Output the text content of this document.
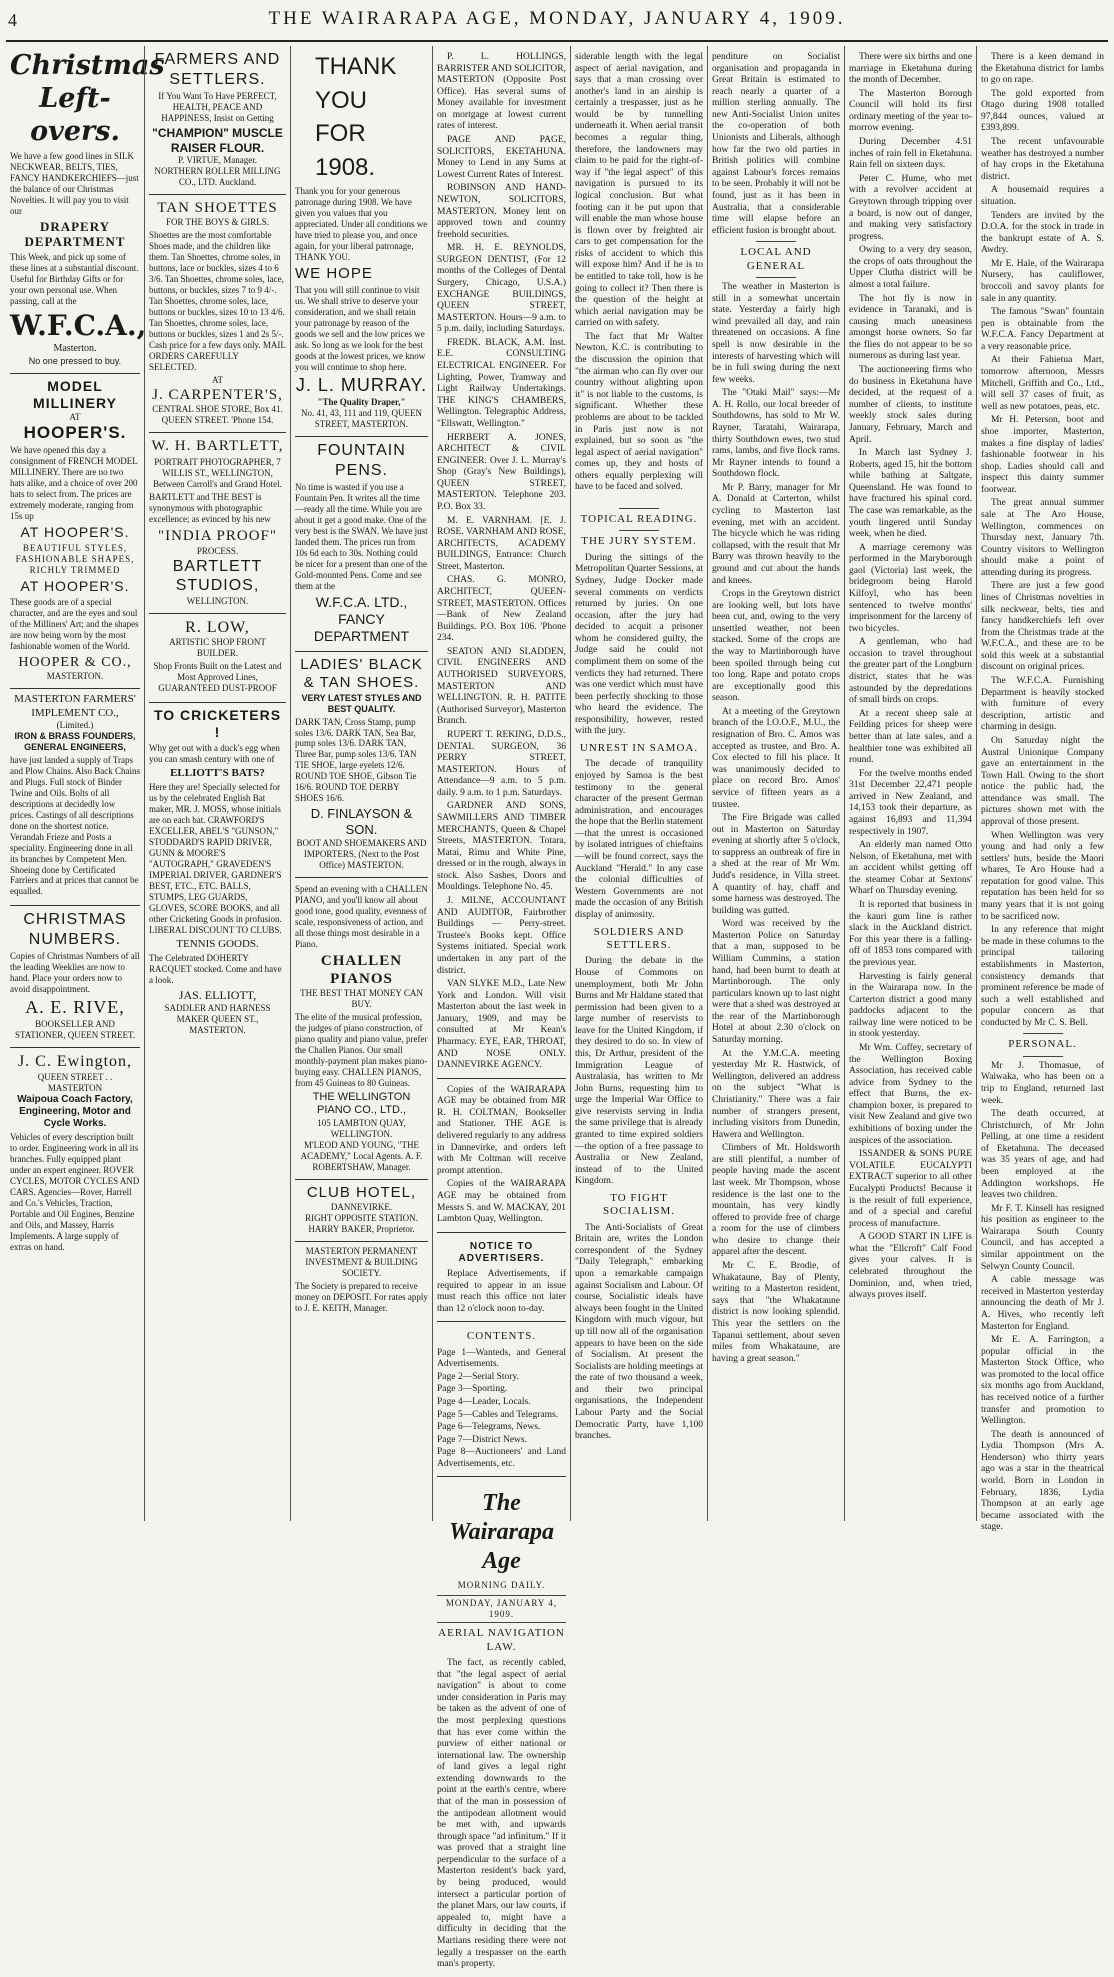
4	THE WAIRARAPA AGE, MONDAY, JANUARY 4, 1909.
Christmas Left-overs.

We have a few good lines in SILK NECKWEAR, BELTS, TIES, FANCY HANDKERCHIEFS—just the balance of our Christmas Novelties. It will pay you to visit our

DRAPERY DEPARTMENT

This Week, and pick up some of these lines at a substantial discount. Useful for Birthday Gifts or for your own personal use. When passing, call at the

W.F.C.A., Masterton.
No one pressed to buy.
MODEL MILLINERY
AT
HOOPER'S.

We have opened this day a consignment of FRENCH MODEL MILLINERY. There are no two hats alike, and a choice of over 200 hats to select from. The prices are extremely moderate, ranging from 15s up

AT HOOPER'S.

BEAUTIFUL STYLES, FASHIONABLE SHAPES, RICHLY TRIMMED

AT HOOPER'S.

These goods are of a special character, and are the eyes and soul of the Milliners' Art; and the shapes are now being worn by the most fashionable women of the World.

HOOPER & CO.,
MASTERTON.
MASTERTON FARMERS' IMPLEMENT CO.,
(Limited.)
IRON & BRASS FOUNDERS, GENERAL ENGINEERS,

have just landed a supply of Traps and Plow Chains. Also Back Chains and Plugs. Full stock of Binder Twine and Oils. Bolts of all descriptions at decidedly low prices. Castings of all descriptions done on the shortest notice. Verandah Frieze and Posts a speciality. Engineering done in all its branches by Competent Men. Shoeing done by Certificated Farriers and at prices that cannot be equalled.

CHRISTMAS NUMBERS.

Copies of Christmas Numbers of all the leading Weeklies are now to hand. Place your orders now to avoid disappointment.

A. E. RIVE,
BOOKSELLER AND STATIONER, QUEEN STREET.
J. C. Ewington,
QUEEN STREET . . MASTERTON
Waipoua Coach Factory, Engineering, Motor and Cycle Works.

Vehicles of every description built to order. Engineering work in all its branches. Fully equipped plant under an expert engineer. ROVER CYCLES, MOTOR CYCLES AND CARS. Agencies—Rover, Harrell and Co.'s Vehicles, Traction, Portable and Oil Engines, Benzine and Oils, and Massey, Harris Implements. A large supply of extras on hand.

FARMERS AND SETTLERS.

If You Want To Have PERFECT, HEALTH, PEACE AND HAPPINESS, Insist on Getting

"CHAMPION" MUSCLE RAISER FLOUR.
P. VIRTUE, Manager.
NORTHERN ROLLER MILLING CO., LTD. Auckland.
TAN SHOETTES
FOR THE BOYS & GIRLS.

Shoettes are the most comfortable Shoes made, and the children like them. Tan Shoettes, chrome soles, in buttons, lace or buckles, sizes 4 to 6 3/6. Tan Shoettes, chrome soles, lace, buttons, or buckles, sizes 7 to 9 4/-. Tan Shoettes, chrome soles, lace, buttons or buckles, sizes 10 to 13 4/6. Tan Shoettes, chrome soles, lace, buttons or buckles, sizes 1 and 2s 5/-. Cash price for a few days only. MAIL ORDERS CAREFULLY SELECTED.

AT
J. CARPENTER'S,
CENTRAL SHOE STORE, Box 41. QUEEN STREET. 'Phone 154.
W. H. BARTLETT,

PORTRAIT PHOTOGRAPHER, 7 WILLIS ST., WELLINGTON, Between Carroll's and Grand Hotel.

BARTLETT and THE BEST is synonymous with photographic excellence; as evinced by his new

"INDIA PROOF"
PROCESS.
BARTLETT STUDIOS,
WELLINGTON.
R. LOW,
ARTISTIC SHOP FRONT BUILDER.

Shop Fronts Built on the Latest and Most Approved Lines, GUARANTEED DUST-PROOF

TO CRICKETERS !

Why get out with a duck's egg when you can smash century with one of

ELLIOTT'S BATS?

Here they are! Specially selected for us by the celebrated English Bat maker, MR. J. MOSS, whose initials are on each bat. CRAWFORD'S EXCELLER, ABEL'S "GUNSON," STODDARD'S RAPID DRIVER, GUNN & MOORE'S "AUTOGRAPH," GRAVEDEN'S IMPERIAL DRIVER, GARDNER'S BEST, ETC., ETC. BALLS, STUMPS, LEG GUARDS, GLOVES, SCORE BOOKS, and all other Cricketing Goods in profusion. LIBERAL DISCOUNT TO CLUBS.

TENNIS GOODS.

The Celebrated DOHERTY RACQUET stocked. Come and have a look.

JAS. ELLIOTT,
SADDLER AND HARNESS MAKER QUEEN ST., MASTERTON.
THANK
YOU
FOR
1908.

Thank you for your generous patronage during 1908. We have given you values that you appreciated. Under all conditions we have tried to please you, and once again, for your liberal patronage, THANK YOU.

WE HOPE

That you will still continue to visit us. We shall strive to deserve your consideration, and we shall retain your patronage by reason of the goods we sell and the low prices we ask. So long as we look for the best goods at the lowest prices, we know you will continue to shop here.

J. L. MURRAY.
"The Quality Draper,"
No. 41, 43, 111 and 119, QUEEN STREET, MASTERTON.
FOUNTAIN PENS.

No time is wasted if you use a Fountain Pen. It writes all the time—ready all the time. While you are about it get a good make. One of the very best is the SWAN. We have just landed them. The prices run from 10s 6d each to 30s. Nothing could be nicer for a present than one of the Gold-mounted Pens. Come and see them at the

W.F.C.A. LTD., FANCY DEPARTMENT
LADIES' BLACK & TAN SHOES.
VERY LATEST STYLES AND BEST QUALITY.

DARK TAN, Cross Stamp, pump soles 13/6. DARK TAN, Sea Bar, pump soles 13/6. DARK TAN, Three Bar, pump soles 13/6. TAN TIE SHOE, large eyelets 12/6. ROUND TOE SHOE, Gibson Tie 16/6. ROUND TOE DERBY SHOES 16/6.

D. FINLAYSON & SON.
BOOT AND SHOEMAKERS AND IMPORTERS, (Next to the Post Office) MASTERTON.

Spend an evening with a CHALLEN PIANO, and you'll know all about good tone, good quality, evenness of scale, responsiveness of action, and all those things most desirable in a Piano.

CHALLEN PIANOS
THE BEST THAT MONEY CAN BUY.

The elite of the musical profession, the judges of piano construction, of piano quality and piano value, prefer the Challen Pianos. Our small monthly-payment plan makes piano-buying easy. CHALLEN PIANOS, from 45 Guineas to 80 Guineas.

THE WELLINGTON PIANO CO., LTD.,
105 LAMBTON QUAY, WELLINGTON.
M'LEOD AND YOUNG, "THE ACADEMY," Local Agents. A. F. ROBERTSHAW, Manager.
CLUB HOTEL,
DANNEVIRKE.
RIGHT OPPOSITE STATION. HARRY BAKER, Proprietor.
MASTERTON PERMANENT INVESTMENT & BUILDING SOCIETY.

The Society is prepared to receive money on DEPOSIT. For rates apply to J. E. KEITH, Manager.

P. L. HOLLINGS, BARRISTER AND SOLICITOR, MASTERTON (Opposite Post Office). Has several sums of Money available for investment on mortgage at lowest current rates of interest.

PAGE AND PAGE, SOLICITORS, EKETAHUNA. Money to Lend in any Sums at Lowest Current Rates of Interest.

ROBINSON AND HAND-NEWTON, SOLICITORS, MASTERTON. Money lent on approved town and country freehold securities.

MR. H. E. REYNOLDS, SURGEON DENTIST, (For 12 months of the Colleges of Dental Surgery, Chicago, U.S.A.) EXCHANGE BUILDINGS, QUEEN STREET, MASTERTON. Hours—9 a.m. to 5 p.m. daily, including Saturdays.

FREDK. BLACK, A.M. Inst. E.E. CONSULTING ELECTRICAL ENGINEER. For Lighting, Power, Tramway and Light Railway Undertakings. THE KING'S CHAMBERS, Wellington. Telegraphic Address, "Ellswatt, Wellington."

HERBERT A. JONES, ARCHITECT & CIVIL ENGINEER. Over J. L. Murray's Shop (Gray's New Buildings), QUEEN STREET, MASTERTON. Telephone 203. P.O. Box 33.

M. E. VARNHAM. [E. J. ROSE. VARNHAM AND ROSE, ARCHITECTS, ACADEMY BUILDINGS, Entrance: Church Street, Masterton.

CHAS. G. MONRO, ARCHITECT, QUEEN-STREET, MASTERTON. Offices—Bank of New Zealand Buildings. P.O. Box 106. 'Phone 234.

SEATON AND SLADDEN, CIVIL ENGINEERS AND AUTHORISED SURVEYORS, MASTERTON AND WELLINGTON. R. H. PATITE (Authorised Surveyor), Masterton Branch.

RUPERT T. REKING, D.D.S., DENTAL SURGEON, 36 PERRY STREET, MASTERTON. Hours of Attendance—9 a.m. to 5 p.m. daily. 9 a.m. to 1 p.m. Saturdays.

GARDNER AND SONS, SAWMILLERS AND TIMBER MERCHANTS, Queen & Chapel Streets, MASTERTON. Totara, Matai, Rimu and White Pine, dressed or in the rough, always in stock. Also Sashes, Doors and Mouldings. Telephone No. 45.

J. MILNE, ACCOUNTANT AND AUDITOR, Fairbrother Buildings — Perry-street. Trustee's Books kept. Office Systems initiated. Special work undertaken in any part of the district.

VAN SLYKE M.D., Late New York and London. Will visit Masterton about the last week in January, 1909, and may be consulted at Mr Kean's Pharmacy. EYE, EAR, THROAT, AND NOSE ONLY. DANNEVIRKE AGENCY.

Copies of the WAIRARAPA AGE may be obtained from MR R. H. COLTMAN, Bookseller and Stationer. THE AGE is delivered regularly to any address in Dannevirke, and orders left with Mr Coltman will receive prompt attention.

Copies of the WAIRARAPA AGE may be obtained from Messrs S. and W. MACKAY, 201 Lambton Quay, Wellington.

NOTICE TO ADVERTISERS.

Replace Advertisements, if required to appear in an issue must reach this office not later than 12 o'clock noon to-day.

CONTENTS.

Page 1—Wanteds, and General Advertisements.

Page 2—Serial Story.

Page 3—Sporting.

Page 4—Leader, Locals.

Page 5—Cables and Telegrams.

Page 6—Telegrams, News.

Page 7—District News.

Page 8—Auctioneers' and Land Advertisements, etc.

The Wairarapa Age
MORNING DAILY.
MONDAY, JANUARY 4, 1909.
AERIAL NAVIGATION LAW.

The fact, as recently cabled, that "the legal aspect of aerial navigation" is about to come under consideration in Paris may be taken as the advent of one of the most perplexing questions that has ever come within the purview of either national or international law. The ownership of land gives a legal right extending downwards to the point at the earth's centre, where that of the man in possession of the antipodean allotment would be met with, and upwards through space "ad infinitum." If it was proved that a straight line perpendicular to the surface of a Masterton resident's back yard, by being produced, would intersect a particular portion of the planet Mars, our law courts, if appealed to, might have a difficulty in deciding that the Martians residing there were not legally a trespasser on the earth man's property.

siderable length with the legal aspect of aerial navigation, and says that a man crossing over another's land in an airship is certainly a trespasser, just as he would be by tunnelling underneath it. When aerial transit becomes a regular thing, therefore, the landowners may claim to be paid for the right-of-way if "the legal aspect" of this navigation is pursued to its logical conclusion. But what footing can it be put upon that will enable the man whose house is flown over by freighted air cars to get compensation for the risks of accident to which this will expose him? And if he is to be entitled to take toll, how is he going to collect it? Then there is the question of the height at which aerial navigation may be carried on with safety.

The fact that Mr Walter Newton, K.C. is contributing to the discussion the opinion that "the airman who can fly over our country without alighting upon it" is not liable to the customs, is significant. Whether these problems are about to be tackled in Paris just now is not explained, but so soon as "the legal aspect of aerial navigation" comes up, they and hosts of others equally perplexing will have to be faced and solved.

TOPICAL READING.
THE JURY SYSTEM.

During the sittings of the Metropolitan Quarter Sessions, at Sydney, Judge Docker made several comments on verdicts returned by juries. On one occasion, after the jury had decided to acquit a prisoner whom he considered guilty, the Judge said he could not compliment them on some of the verdicts they had returned. There was one verdict which must have been perfectly shocking to those who heard the evidence. The responsibility, however, rested with the jury.

UNREST IN SAMOA.

The decade of tranquility enjoyed by Samoa is the best testimony to the general character of the present German administration, and encourages the hope that the Berlin statement—that the unrest is occasioned by isolated intrigues of chieftains—will be found correct, says the Auckland "Herald." In any case the colonial difficulties of Western Governments are not made the occasion of any British display of animosity.

SOLDIERS AND SETTLERS.

During the debate in the House of Commons on unemployment, both Mr John Burns and Mr Haldane stated that permission had been given to a large number of reservists to leave for the United Kingdom, if they desired to do so. In view of this, Dr Arthur, president of the Immigration League of Australasia, has written to Mr John Burns, requesting him to urge the Imperial War Office to give reservists serving in India the same privilege that is already granted to time expired soldiers—the option of a free passage to Australia or New Zealand, instead of to the United Kingdom.

TO FIGHT SOCIALISM.

The Anti-Socialists of Great Britain are, writes the London correspondent of the Sydney "Daily Telegraph," embarking upon a remarkable campaign against Socialism and Labour. Of course, Socialistic ideals have always been fought in the United Kingdom with much vigour, but up till now all of the organisation appears to have been on the side of Socialism. At present the Socialists are holding meetings at the rate of two thousand a week, and their two principal organisations, the Independent Labour Party and the Social Democratic Party, have 1,100 branches.

penditure on Socialist organisation and propaganda in Great Britain is estimated to reach nearly a quarter of a million sterling annually. The new Anti-Socialist Union unites the co-operation of both Unionists and Liberals, although how far the two old parties in British politics will combine against Labour's forces remains to be seen. Probably it will not be found, just as it has been in Australia, that a considerable time will elapse before an efficient fusion is brought about.

LOCAL AND GENERAL

The weather in Masterton is still in a somewhat uncertain state. Yesterday a fairly high wind prevailed all day, and rain threatened on occasions. A fine spell is now desirable in the interests of harvesting which will be in full swing during the next few weeks.

The "Otaki Mail" says:—Mr A. H. Rollo, our local breeder of Southdowns, has sold to Mr W. Rayner, Taratahi, Wairarapa, thirty Southdown ewes, two stud rams, lambs, and five flock rams. Mr Rayner intends to found a Southdown flock.

Mr P. Barry, manager for Mr A. Donald at Carterton, whilst cycling to Masterton last evening, met with an accident. The bicycle which he was riding collapsed, with the result that Mr Barry was thrown heavily to the ground and cut about the hands and knees.

Crops in the Greytown district are looking well, but lots have been cut, and, owing to the very unsettled weather, not been stacked. Some of the crops are the way to Martinborough have been spoiled through being cut too long. Rape and potato crops are exceptionally good this season.

At a meeting of the Greytown branch of the I.O.O.F., M.U., the resignation of Bro. C. Amos was accepted as trustee, and Bro. A. Cox elected to fill his place. It was unanimously decided to place on record Bro. Amos' service of fifteen years as a trustee.

The Fire Brigade was called out in Masterton on Saturday evening at shortly after 5 o'clock, to suppress an outbreak of fire in a shed at the rear of Mr Wm. Judd's residence, in Villa street. A quantity of hay, chaff and some harness was destroyed. The building was gutted.

Word was received by the Masterton Police on Saturday that a man, supposed to be William Cummins, a station hand, had been burnt to death at Martinborough. The only particulars known up to last night were that a shed was destroyed at the rear of the Martinborough Hotel at about 2.30 o'clock on Saturday morning.

At the Y.M.C.A. meeting yesterday Mr R. Hastwick, of Wellington, delivered an address on the subject "What is Christianity." There was a fair number of strangers present, including visitors from Dunedin, Hawera and Wellington.

Climbers of Mt. Holdsworth are still plentiful, a number of people having made the ascent last week. Mr Thompson, whose residence is the last one to the mountain, has very kindly offered to provide free of charge a room for the use of climbers who desire to change their apparel after the descent.

Mr C. E. Brodie, of Whakataune, Bay of Plenty, writing to a Masterton resident, says that "the Whakataune district is now looking splendid. This year the settlers on the Tapanui settlement, about seven miles from Whakataune, are having a great season."

There were six births and one marriage in Eketahuna during the month of December.

The Masterton Borough Council will hold its first ordinary meeting of the year to-morrow evening.

During December 4.51 inches of rain fell in Eketahuna. Rain fell on sixteen days.

Peter C. Hume, who met with a revolver accident at Greytown through tripping over a board, is now out of danger, and making very satisfactory progress.

Owing to a very dry season, the crops of oats throughout the Upper Clutha district will be almost a total failure.

The hot fly is now in evidence in Taranaki, and is causing much uneasiness amongst horse owners. So far the flies do not appear to be so numerous as during last year.

The auctioneering firms who do business in Eketahuna have decided, at the request of a number of clients, to institute weekly stock sales during January, February, March and April.

In March last Sydney J. Roberts, aged 15, hit the bottom while bathing at Saltgate, Queensland. He was found to have fractured his spinal cord. The case was remarkable, as the youth lingered until Sunday week, when he died.

A marriage ceremony was performed in the Maryborough gaol (Victoria) last week, the bridegroom being Harold Kilfoyl, who has been sentenced to twelve months' imprisonment for the larceny of two bicycles.

A gentleman, who had occasion to travel throughout the greater part of the Longburn district, states that he was astounded by the depredations of small birds on crops.

At a recent sheep sale at Feilding prices for sheep were better than at late sales, and a healthier tone was exhibited all round.

For the twelve months ended 31st December 22,471 people arrived in New Zealand, and 14,153 took their departure, as against 16,893 and 11,394 respectively in 1907.

An elderly man named Otto Nelson, of Eketahuna, met with an accident whilst getting off the steamer Cobar at Sextons' Wharf on Thursday evening.

It is reported that business in the kauri gum line is rather slack in the Auckland district. For this year there is a falling-off of 1853 tons compared with the previous year.

Harvesting is fairly general in the Wairarapa now. In the Carterton district a good many paddocks adjacent to the railway line were noticed to be in stook yesterday.

Mr Wm. Coffey, secretary of the Wellington Boxing Association, has received cable advice from Sydney to the effect that Burns, the ex-champion boxer, is prepared to visit New Zealand and give two exhibitions of boxing under the auspices of the association.

ISSANDER & SONS PURE VOLATILE EUCALYPTI EXTRACT superior to all other Eucalypti Products! Because it is the result of full experience, and of a special and careful process of manufacture.

A GOOD START IN LIFE is what the "Ellcroft" Calf Food gives your calves. It is celebrated throughout the Dominion, and, when tried, always proves itself.

There is a keen demand in the Eketahuna district for lambs to go on rape.

The gold exported from Otago during 1908 totalled 97,844 ounces, valued at £393,899.

The recent unfavourable weather has destroyed a number of hay crops in the Eketahuna district.

A housemaid requires a situation.

Tenders are invited by the D.O.A. for the stock in trade in the bankrupt estate of A. S. Awdry.

Mr E. Hale, of the Wairarapa Nursery, has cauliflower, broccoli and savoy plants for sale in any quantity.

The famous "Swan" fountain pen is obtainable from the W.F.C.A. Fancy Department at a very reasonable price.

At their Fahietua Mart, tomorrow afternoon, Messrs Mitchell, Griffith and Co., Ltd., will sell 37 cases of fruit, as well as new potatoes, peas, etc.

Mr H. Peterson, boot and shoe importer, Masterton, makes a fine display of ladies' fashionable footwear in his shop. Ladies should call and inspect this dainty summer footwear.

The great annual summer sale at The Aro House, Wellington, commences on Thursday next, January 7th. Country visitors to Wellington should make a point of attending during its progress.

There are just a few good lines of Christmas novelties in silk neckwear, belts, ties and fancy handkerchiefs left over from the Christmas trade at the W.F.C.A., and these are to be sold this week at a substantial discount on original prices.

The W.F.C.A. Furnishing Department is heavily stocked with furniture of every description, artistic and charming in design.

On Saturday night the Austral Unionique Company gave an entertainment in the Town Hall. Owing to the short notice the public had, the attendance was small. The pictures shown met with the approval of those present.

When Wellington was very young and had only a few settlers' huts, beside the Maori whares, Te Aro House had a reputation for good value. This reputation has been held for so many years that it is not going to be sacrificed now.

In any reference that might be made in these columns to the principal tailoring establishments in Masterton, consistency demands that prominent reference be made of such a well established and popular concern as that conducted by Mr C. S. Bell.

PERSONAL.

Mr J. Thomasue, of Waiwaka, who has been on a trip to England, returned last week.

The death occurred, at Christchurch, of Mr John Pelling, at one time a resident of Eketahuna. The deceased was 35 years of age, and had been employed at the Addington workshops. He leaves two children.

Mr F. T. Kinsell has resigned his position as engineer to the Wairarapa South County Council, and has accepted a similar appointment on the Selwyn County Council.

A cable message was received in Masterton yesterday announcing the death of Mr J. A. Hives, who recently left Masterton for England.

Mr E. A. Farrington, a popular official in the Masterton Stock Office, who was promoted to the local office six months ago from Auckland, has received notice of a further transfer and promotion to Wellington.

The death is announced of Lydia Thompson (Mrs A. Henderson) who thirty years ago was a star in the theatrical world. Born in London in February, 1836, Lydia Thompson at an early age became associated with the stage.
